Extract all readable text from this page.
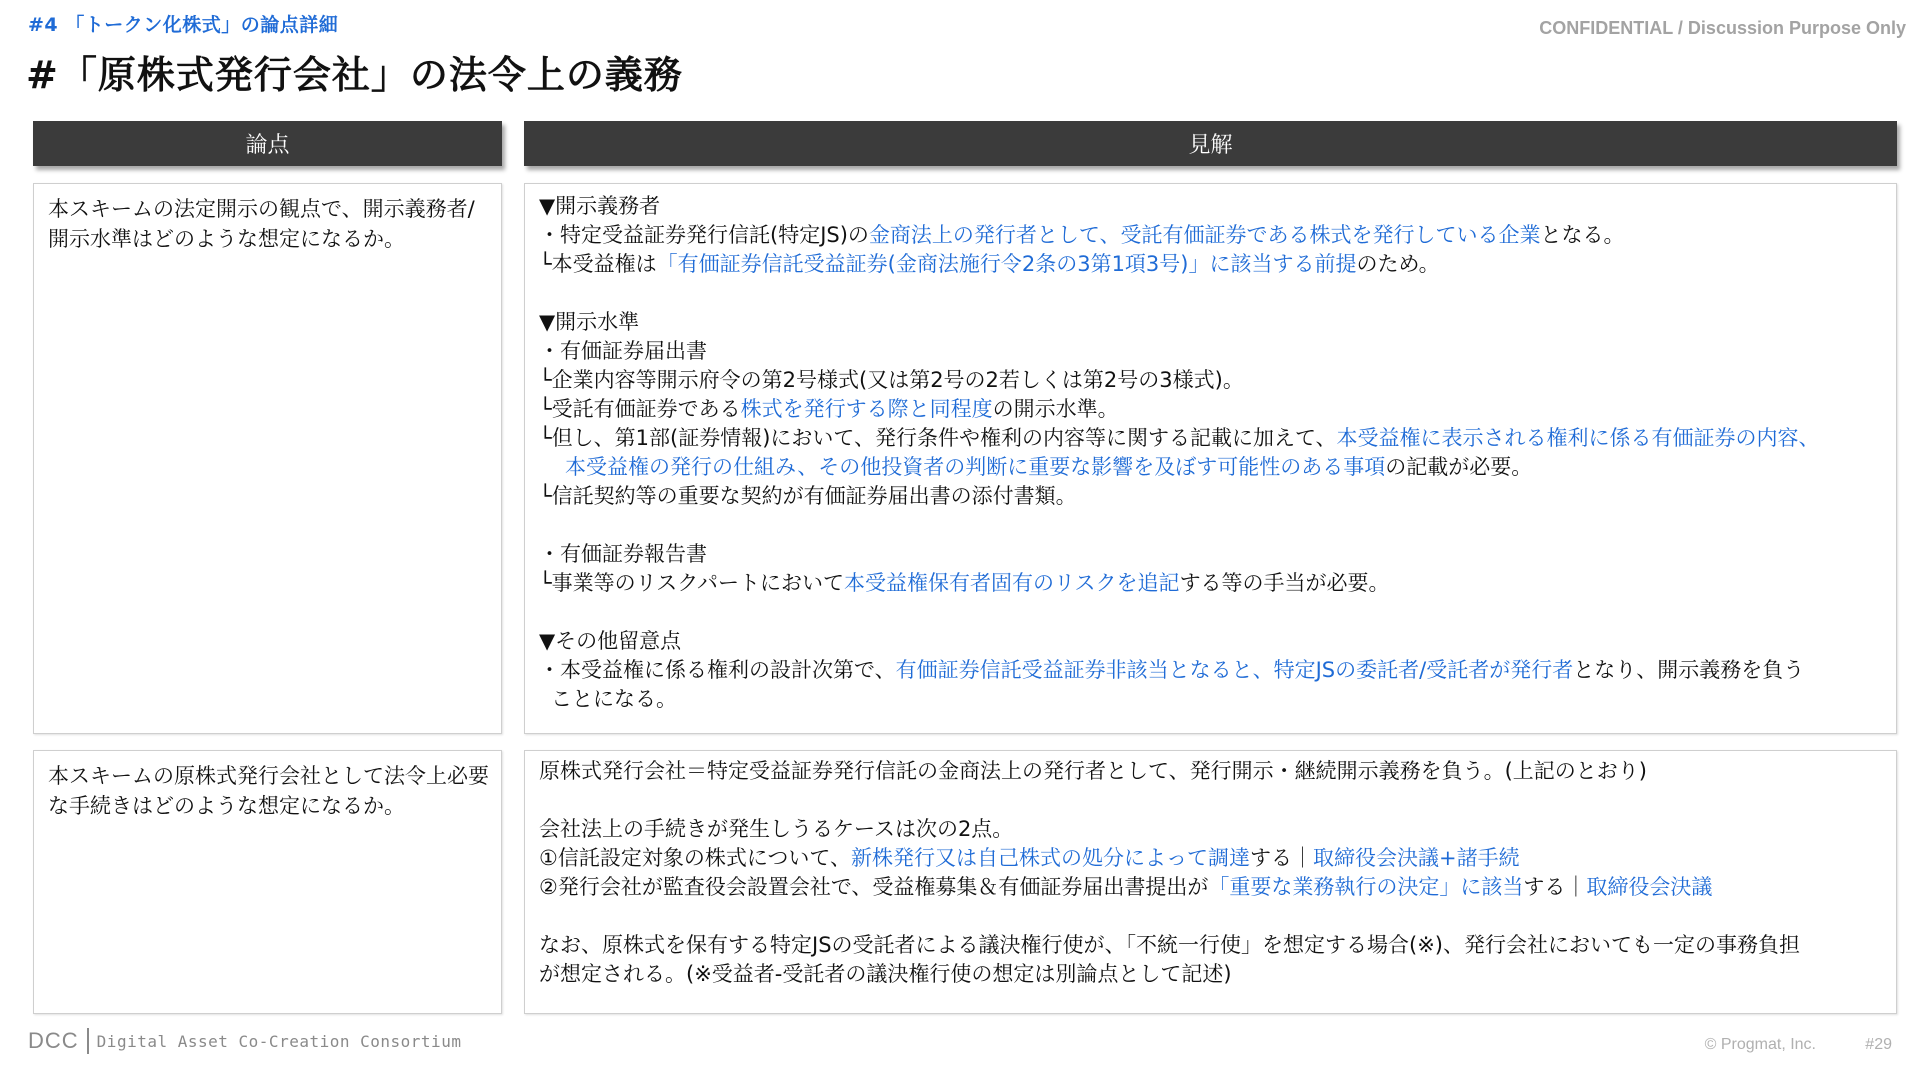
#4 「トークン化株式」の論点詳細	CONFIDENTIAL / Discussion Purpose Only
#「原株式発行会社」の法令上の義務
論点	見解
本スキームの法定開示の観点で、開示義務者/開示水準はどのような想定になるか。
▼開示義務者
・特定受益証券発行信託(特定JS)の金商法上の発行者として、受託有価証券である株式を発行している企業となる。
└本受益権は「有価証券信託受益証券(金商法施行令2条の3第1項3号)」に該当する前提のため。
▼開示水準
・有価証券届出書
└企業内容等開示府令の第2号様式(又は第2号の2若しくは第2号の3様式)。
└受託有価証券である株式を発行する際と同程度の開示水準。
└但し、第1部(証券情報)において、発行条件や権利の内容等に関する記載に加えて、本受益権に表示される権利に係る有価証券の内容、
本受益権の発行の仕組み、その他投資者の判断に重要な影響を及ぼす可能性のある事項の記載が必要。
└信託契約等の重要な契約が有価証券届出書の添付書類。
・有価証券報告書
└事業等のリスクパートにおいて本受益権保有者固有のリスクを追記する等の手当が必要。
▼その他留意点
・本受益権に係る権利の設計次第で、有価証券信託受益証券非該当となると、特定JSの委託者/受託者が発行者となり、開示義務を負う
ことになる。
本スキームの原株式発行会社として法令上必要な手続きはどのような想定になるか。
原株式発行会社＝特定受益証券発行信託の金商法上の発行者として、発行開示・継続開示義務を負う。(上記のとおり)
会社法上の手続きが発生しうるケースは次の2点。
①信託設定対象の株式について、新株発行又は自己株式の処分によって調達する｜取締役会決議+諸手続
②発行会社が監査役会設置会社で、受益権募集＆有価証券届出書提出が「重要な業務執行の決定」に該当する｜取締役会決議
なお、原株式を保有する特定JSの受託者による議決権行使が、「不統一行使」を想定する場合(※)、発行会社においても一定の事務負担
が想定される。(※受益者-受託者の議決権行使の想定は別論点として記述)
DCC Digital Asset Co-Creation Consortium	© Progmat, Inc.	#29
